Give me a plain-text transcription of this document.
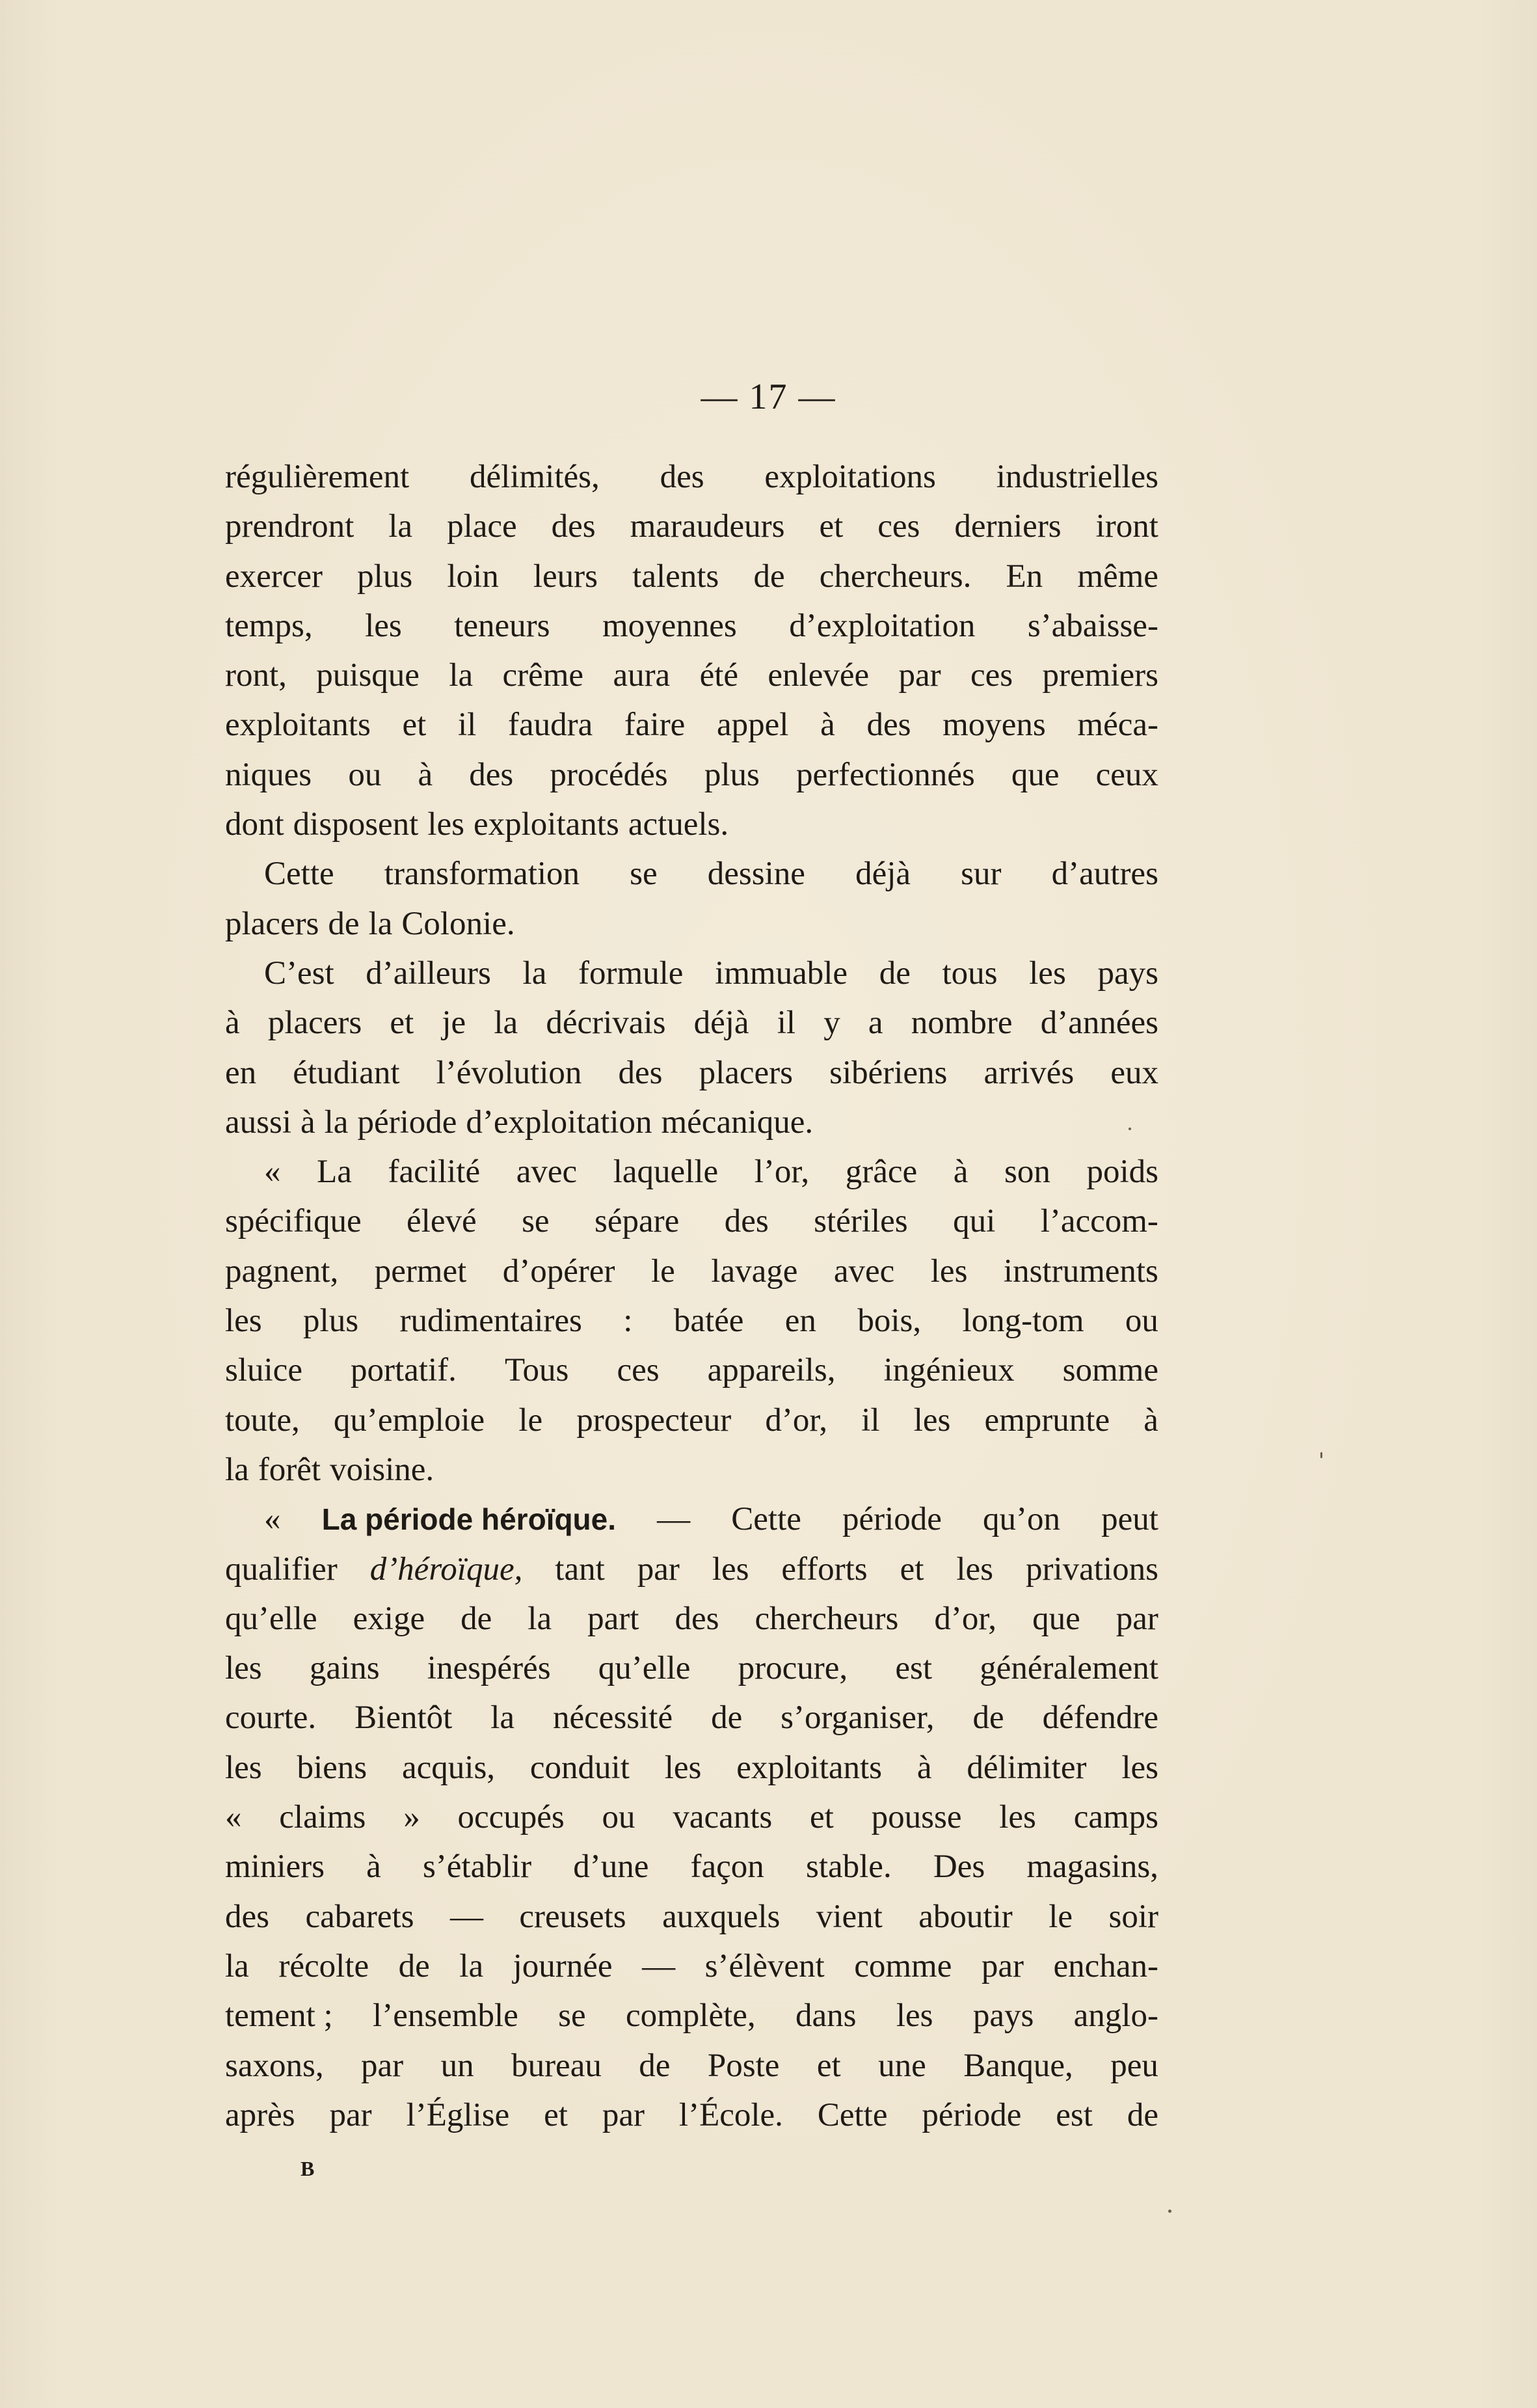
— 17 —
régulièrement délimités, des exploitations industrielles
prendront la place des maraudeurs et ces derniers iront
exercer plus loin leurs talents de chercheurs. En même
temps, les teneurs moyennes d’exploitation s’abaisse-
ront, puisque la crême aura été enlevée par ces premiers
exploitants et il faudra faire appel à des moyens méca-
niques ou à des procédés plus perfectionnés que ceux
dont disposent les exploitants actuels.
Cette transformation se dessine déjà sur d’autres
placers de la Colonie.
C’est d’ailleurs la formule immuable de tous les pays
à placers et je la décrivais déjà il y a nombre d’années
en étudiant l’évolution des placers sibériens arrivés eux
aussi à la période d’exploitation mécanique.
« La facilité avec laquelle l’or, grâce à son poids
spécifique élevé se sépare des stériles qui l’accom-
pagnent, permet d’opérer le lavage avec les instruments
les plus rudimentaires : batée en bois, long-tom ou
sluice portatif. Tous ces appareils, ingénieux somme
toute, qu’emploie le prospecteur d’or, il les emprunte à
la forêt voisine.
« La période héroïque. — Cette période qu’on peut
qualifier d’héroïque, tant par les efforts et les privations
qu’elle exige de la part des chercheurs d’or, que par
les gains inespérés qu’elle procure, est généralement
courte. Bientôt la nécessité de s’organiser, de défendre
les biens acquis, conduit les exploitants à délimiter les
« claims » occupés ou vacants et pousse les camps
miniers à s’établir d’une façon stable. Des magasins,
des cabarets — creusets auxquels vient aboutir le soir
la récolte de la journée — s’élèvent comme par enchan-
tement ; l’ensemble se complète, dans les pays anglo-
saxons, par un bureau de Poste et une Banque, peu
après par l’Église et par l’École. Cette période est de
B
